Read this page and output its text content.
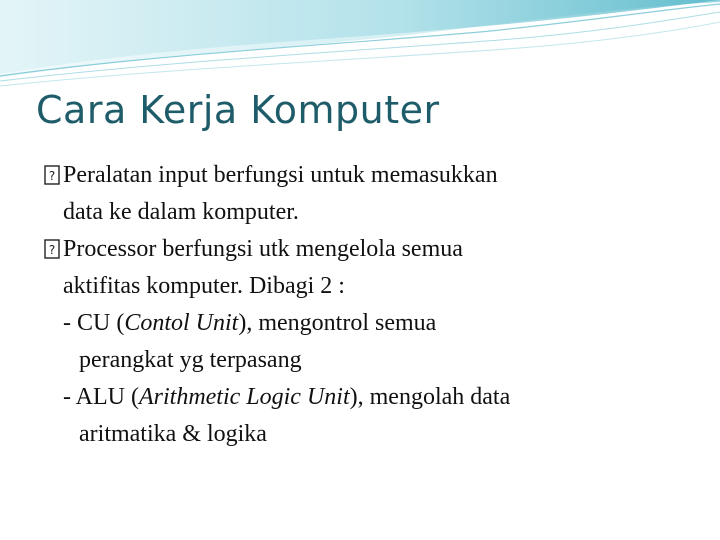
Cara Kerja Komputer
? Peralatan input berfungsi untuk memasukkan
data ke dalam komputer.
? Processor berfungsi utk mengelola semua
aktifitas komputer. Dibagi 2 :
- CU (Contol Unit), mengontrol semua
perangkat yg terpasang
- ALU (Arithmetic Logic Unit), mengolah data
aritmatika & logika
